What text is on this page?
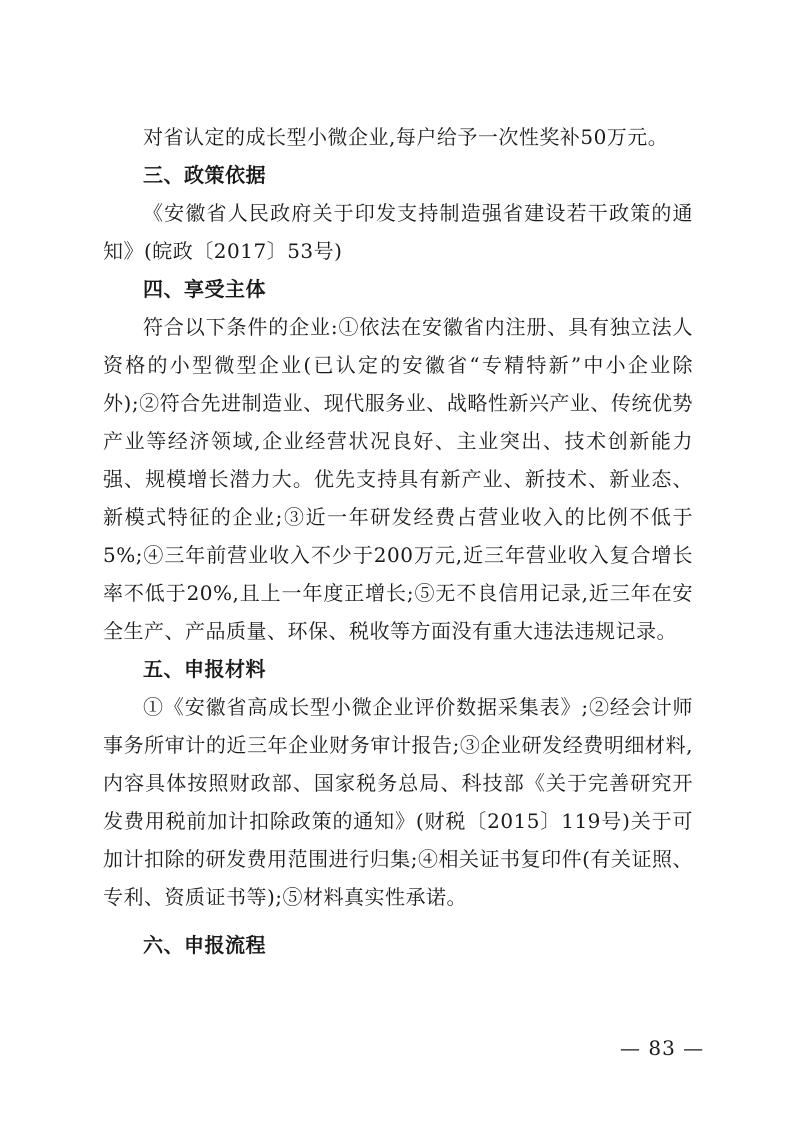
对省认定的成长型小微企业,每户给予一次性奖补50万元。

三、政策依据

《安徽省人民政府关于印发支持制造强省建设若干政策的通知》(皖政〔2017〕53号)

四、享受主体

符合以下条件的企业:①依法在安徽省内注册、具有独立法人资格的小型微型企业(已认定的安徽省“专精特新”中小企业除外);②符合先进制造业、现代服务业、战略性新兴产业、传统优势产业等经济领域,企业经营状况良好、主业突出、技术创新能力强、规模增长潜力大。优先支持具有新产业、新技术、新业态、新模式特征的企业;③近一年研发经费占营业收入的比例不低于5%;④三年前营业收入不少于200万元,近三年营业收入复合增长率不低于20%,且上一年度正增长;⑤无不良信用记录,近三年在安全生产、产品质量、环保、税收等方面没有重大违法违规记录。

五、申报材料

①《安徽省高成长型小微企业评价数据采集表》;②经会计师事务所审计的近三年企业财务审计报告;③企业研发经费明细材料,内容具体按照财政部、国家税务总局、科技部《关于完善研究开发费用税前加计扣除政策的通知》(财税〔2015〕119号)关于可加计扣除的研发费用范围进行归集;④相关证书复印件(有关证照、专利、资质证书等);⑤材料真实性承诺。

六、申报流程
— 83 —
